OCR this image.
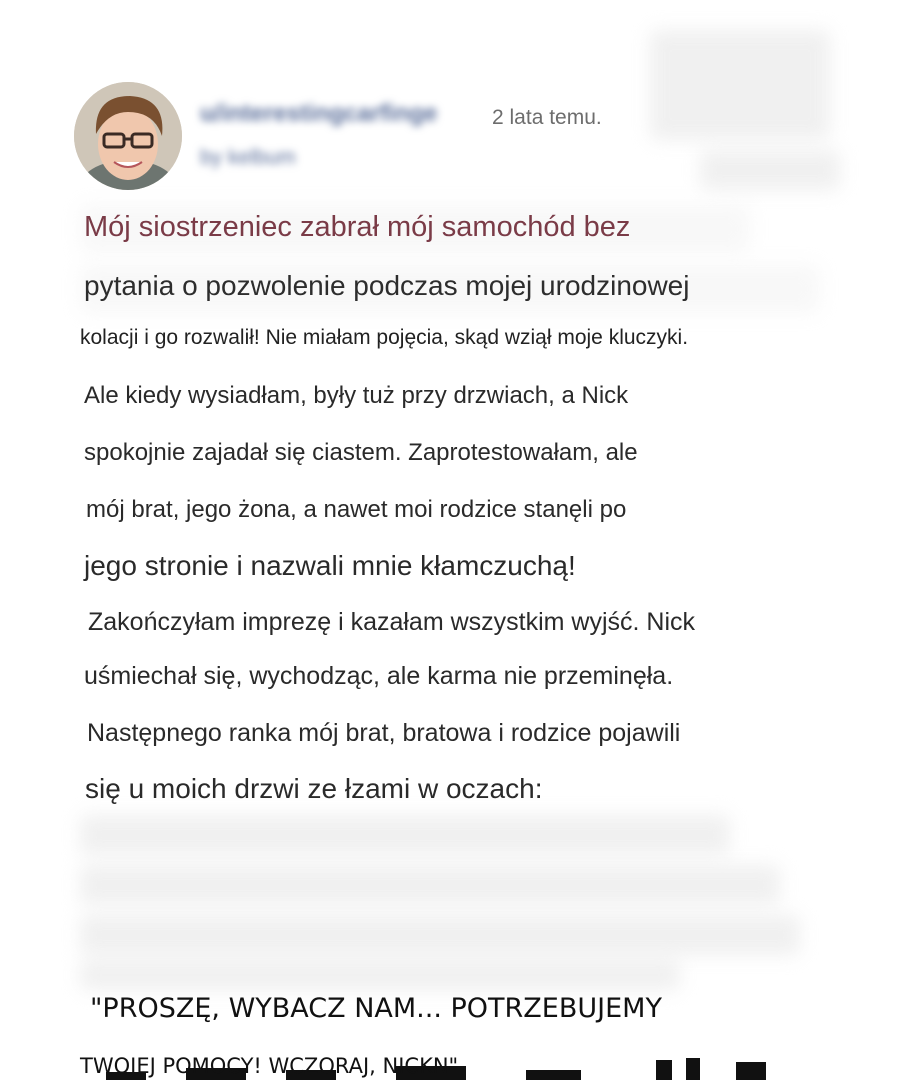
u/interestingcarfinge
by kelbum
2 lata temu.
Mój siostrzeniec zabrał mój samochód bez
pytania o pozwolenie podczas mojej urodzinowej
kolacji i go rozwalił! Nie miałam pojęcia, skąd wziął moje kluczyki.
Ale kiedy wysiadłam, były tuż przy drzwiach, a Nick
spokojnie zajadał się ciastem. Zaprotestowałam, ale
mój brat, jego żona, a nawet moi rodzice stanęli po
jego stronie i nazwali mnie kłamczuchą!
Zakończyłam imprezę i kazałam wszystkim wyjść. Nick
uśmiechał się, wychodząc, ale karma nie przeminęła.
Następnego ranka mój brat, bratowa i rodzice pojawili
się u moich drzwi ze łzami w oczach:
"PROSZĘ, WYBACZ NAM... POTRZEBUJEMY
TWOJEJ POMOCY! WCZORAJ, NICKN"
